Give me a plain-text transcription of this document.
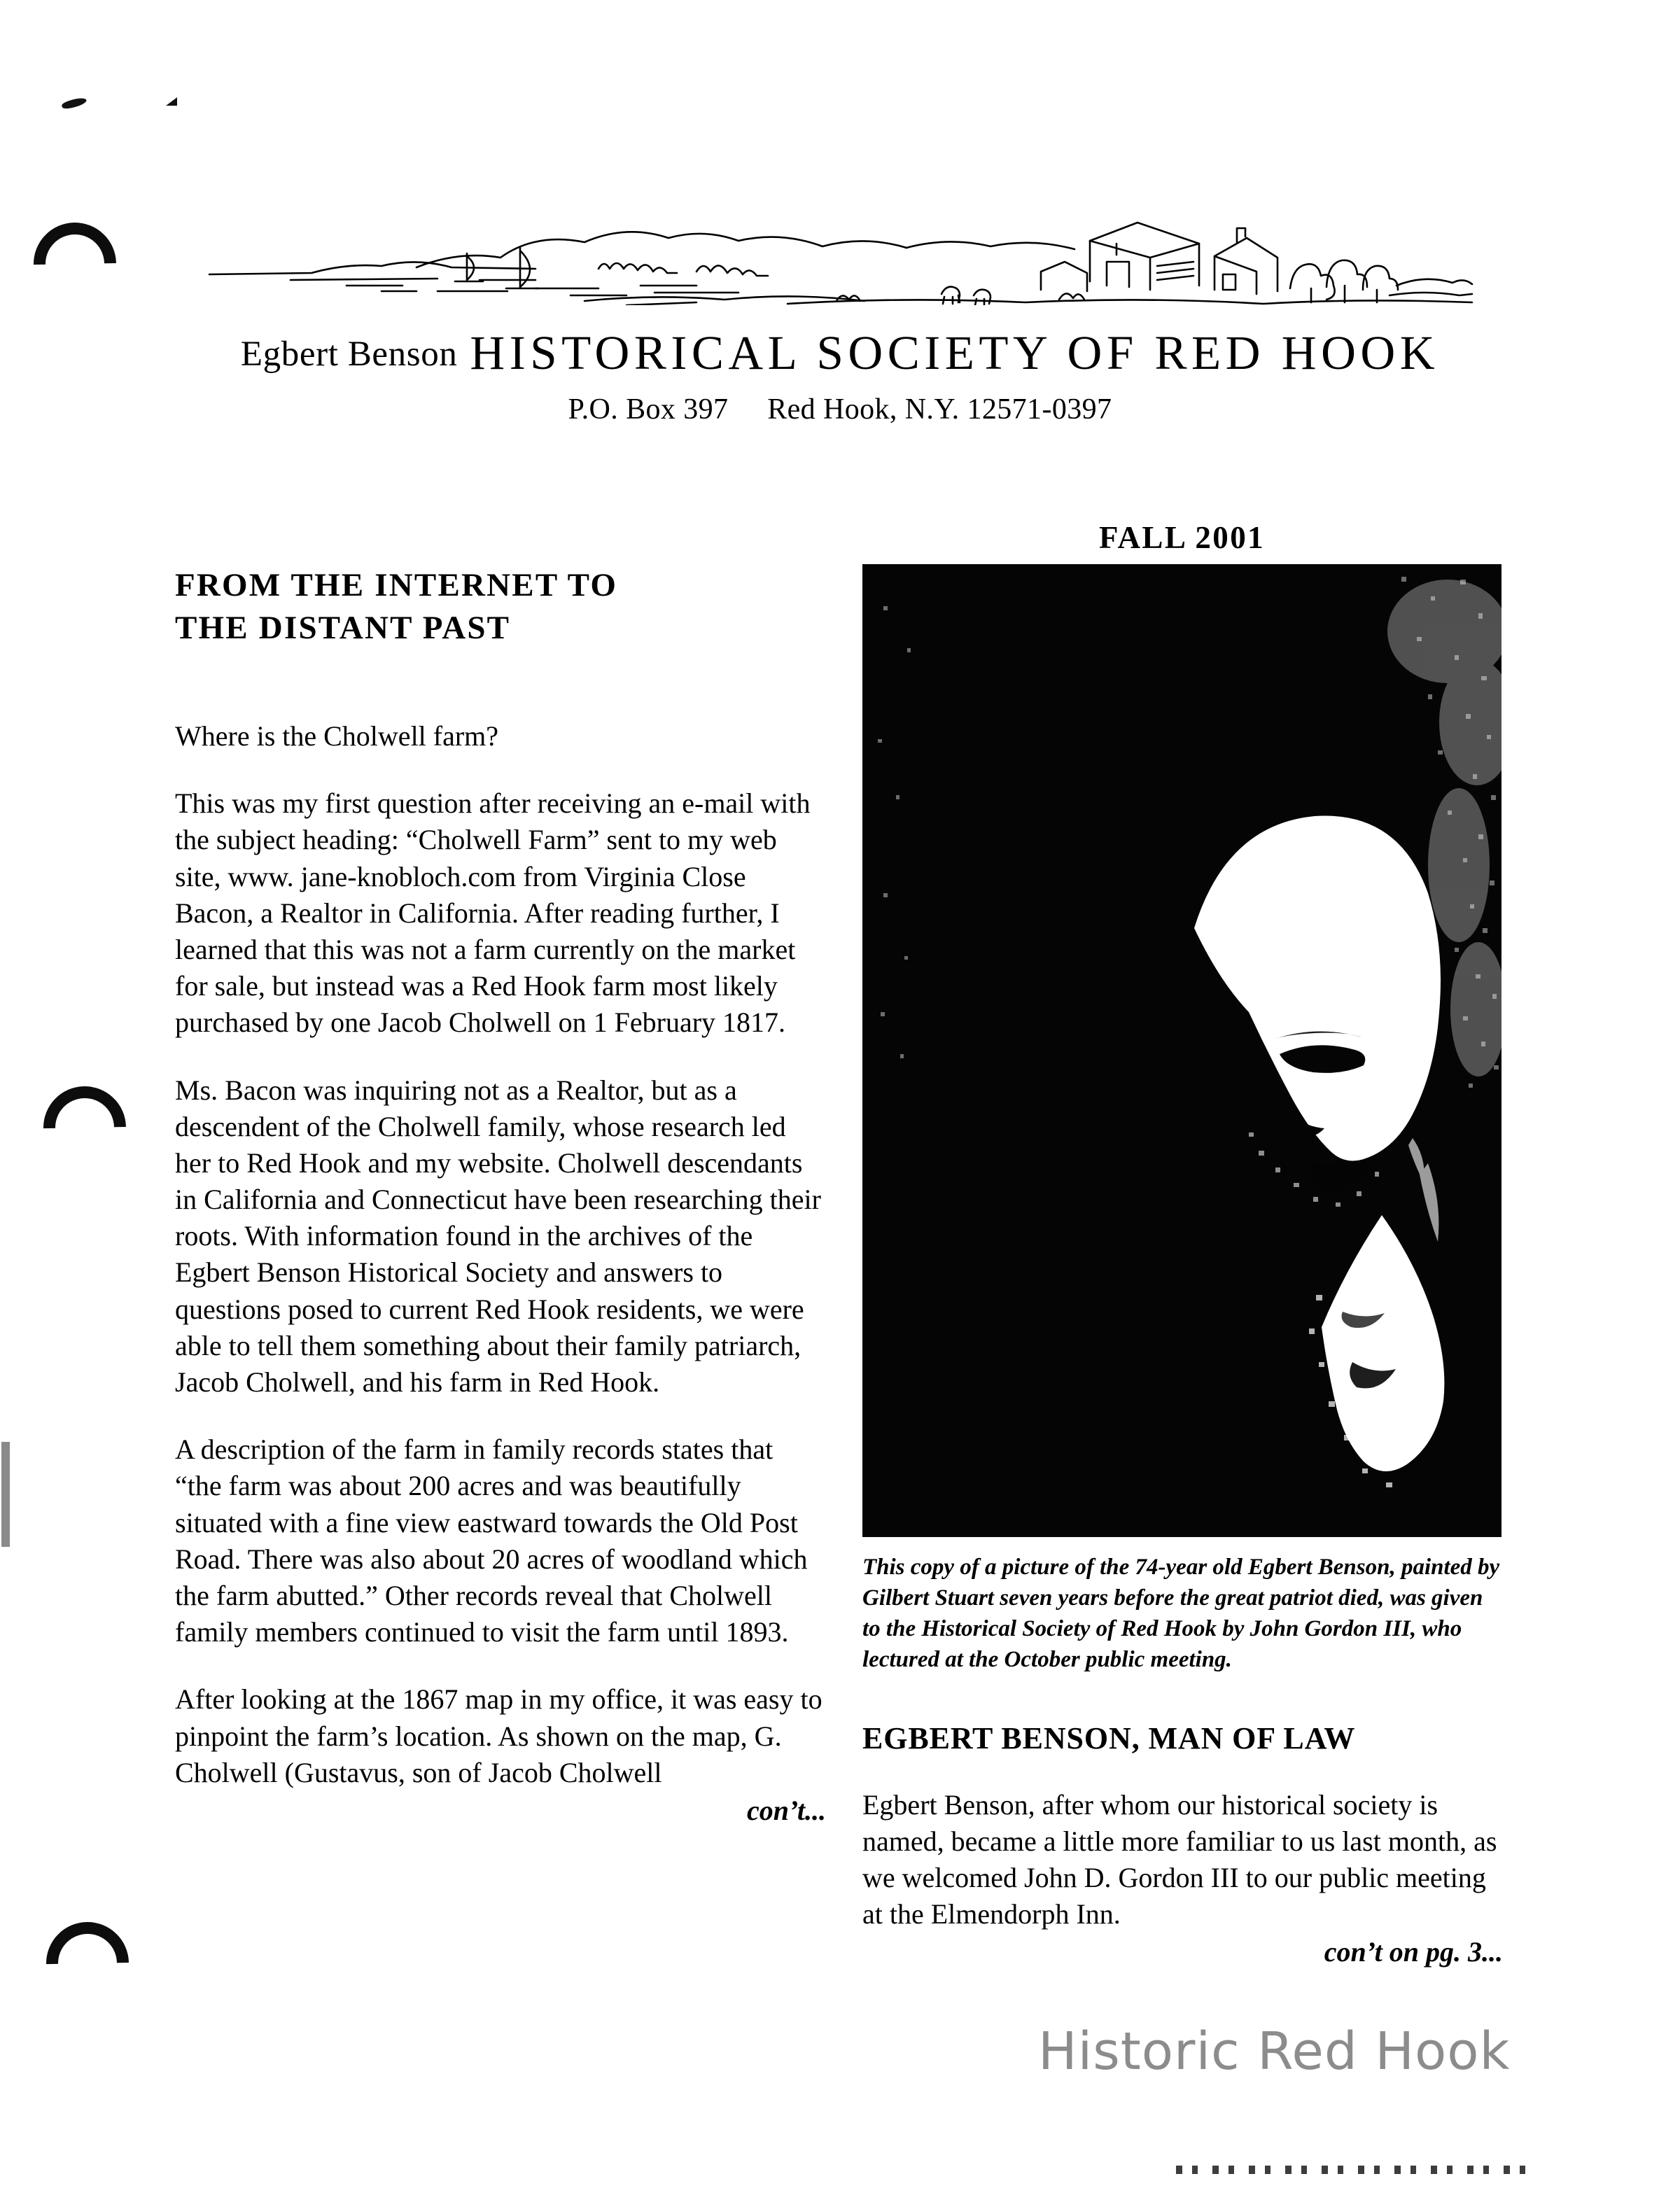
Egbert Benson HISTORICAL SOCIETY OF RED HOOK
P.O. Box 397 Red Hook, N.Y. 12571-0397
FALL 2001
FROM THE INTERNET TO
THE DISTANT PAST

Where is the Cholwell farm?

This was my first question after receiving an e-mail with the subject heading: “Cholwell Farm” sent to my web site, www. jane-knobloch.com from Virginia Close Bacon, a Realtor in California. After reading further, I learned that this was not a farm currently on the market for sale, but instead was a Red Hook farm most likely purchased by one Jacob Cholwell on 1 February 1817.

Ms. Bacon was inquiring not as a Realtor, but as a descendent of the Cholwell family, whose research led her to Red Hook and my website. Cholwell descendants in California and Connecticut have been researching their roots. With information found in the archives of the Egbert Benson Historical Society and answers to questions posed to current Red Hook residents, we were able to tell them something about their family patriarch, Jacob Cholwell, and his farm in Red Hook.

A description of the farm in family records states that “the farm was about 200 acres and was beautifully situated with a fine view eastward towards the Old Post Road. There was also about 20 acres of woodland which the farm abutted.” Other records reveal that Cholwell family members continued to visit the farm until 1893.

After looking at the 1867 map in my office, it was easy to pinpoint the farm’s location. As shown on the map, G. Cholwell (Gustavus, son of Jacob Cholwell

con’t...

This copy of a picture of the 74-year old Egbert Benson, painted by Gilbert Stuart seven years before the great patriot died, was given to the Historical Society of Red Hook by John Gordon III, who lectured at the October public meeting.

EGBERT BENSON, MAN OF LAW

Egbert Benson, after whom our historical society is named, became a little more familiar to us last month, as we welcomed John D. Gordon III to our public meeting at the Elmendorph Inn.

con’t on pg. 3...
Historic Red Hook
